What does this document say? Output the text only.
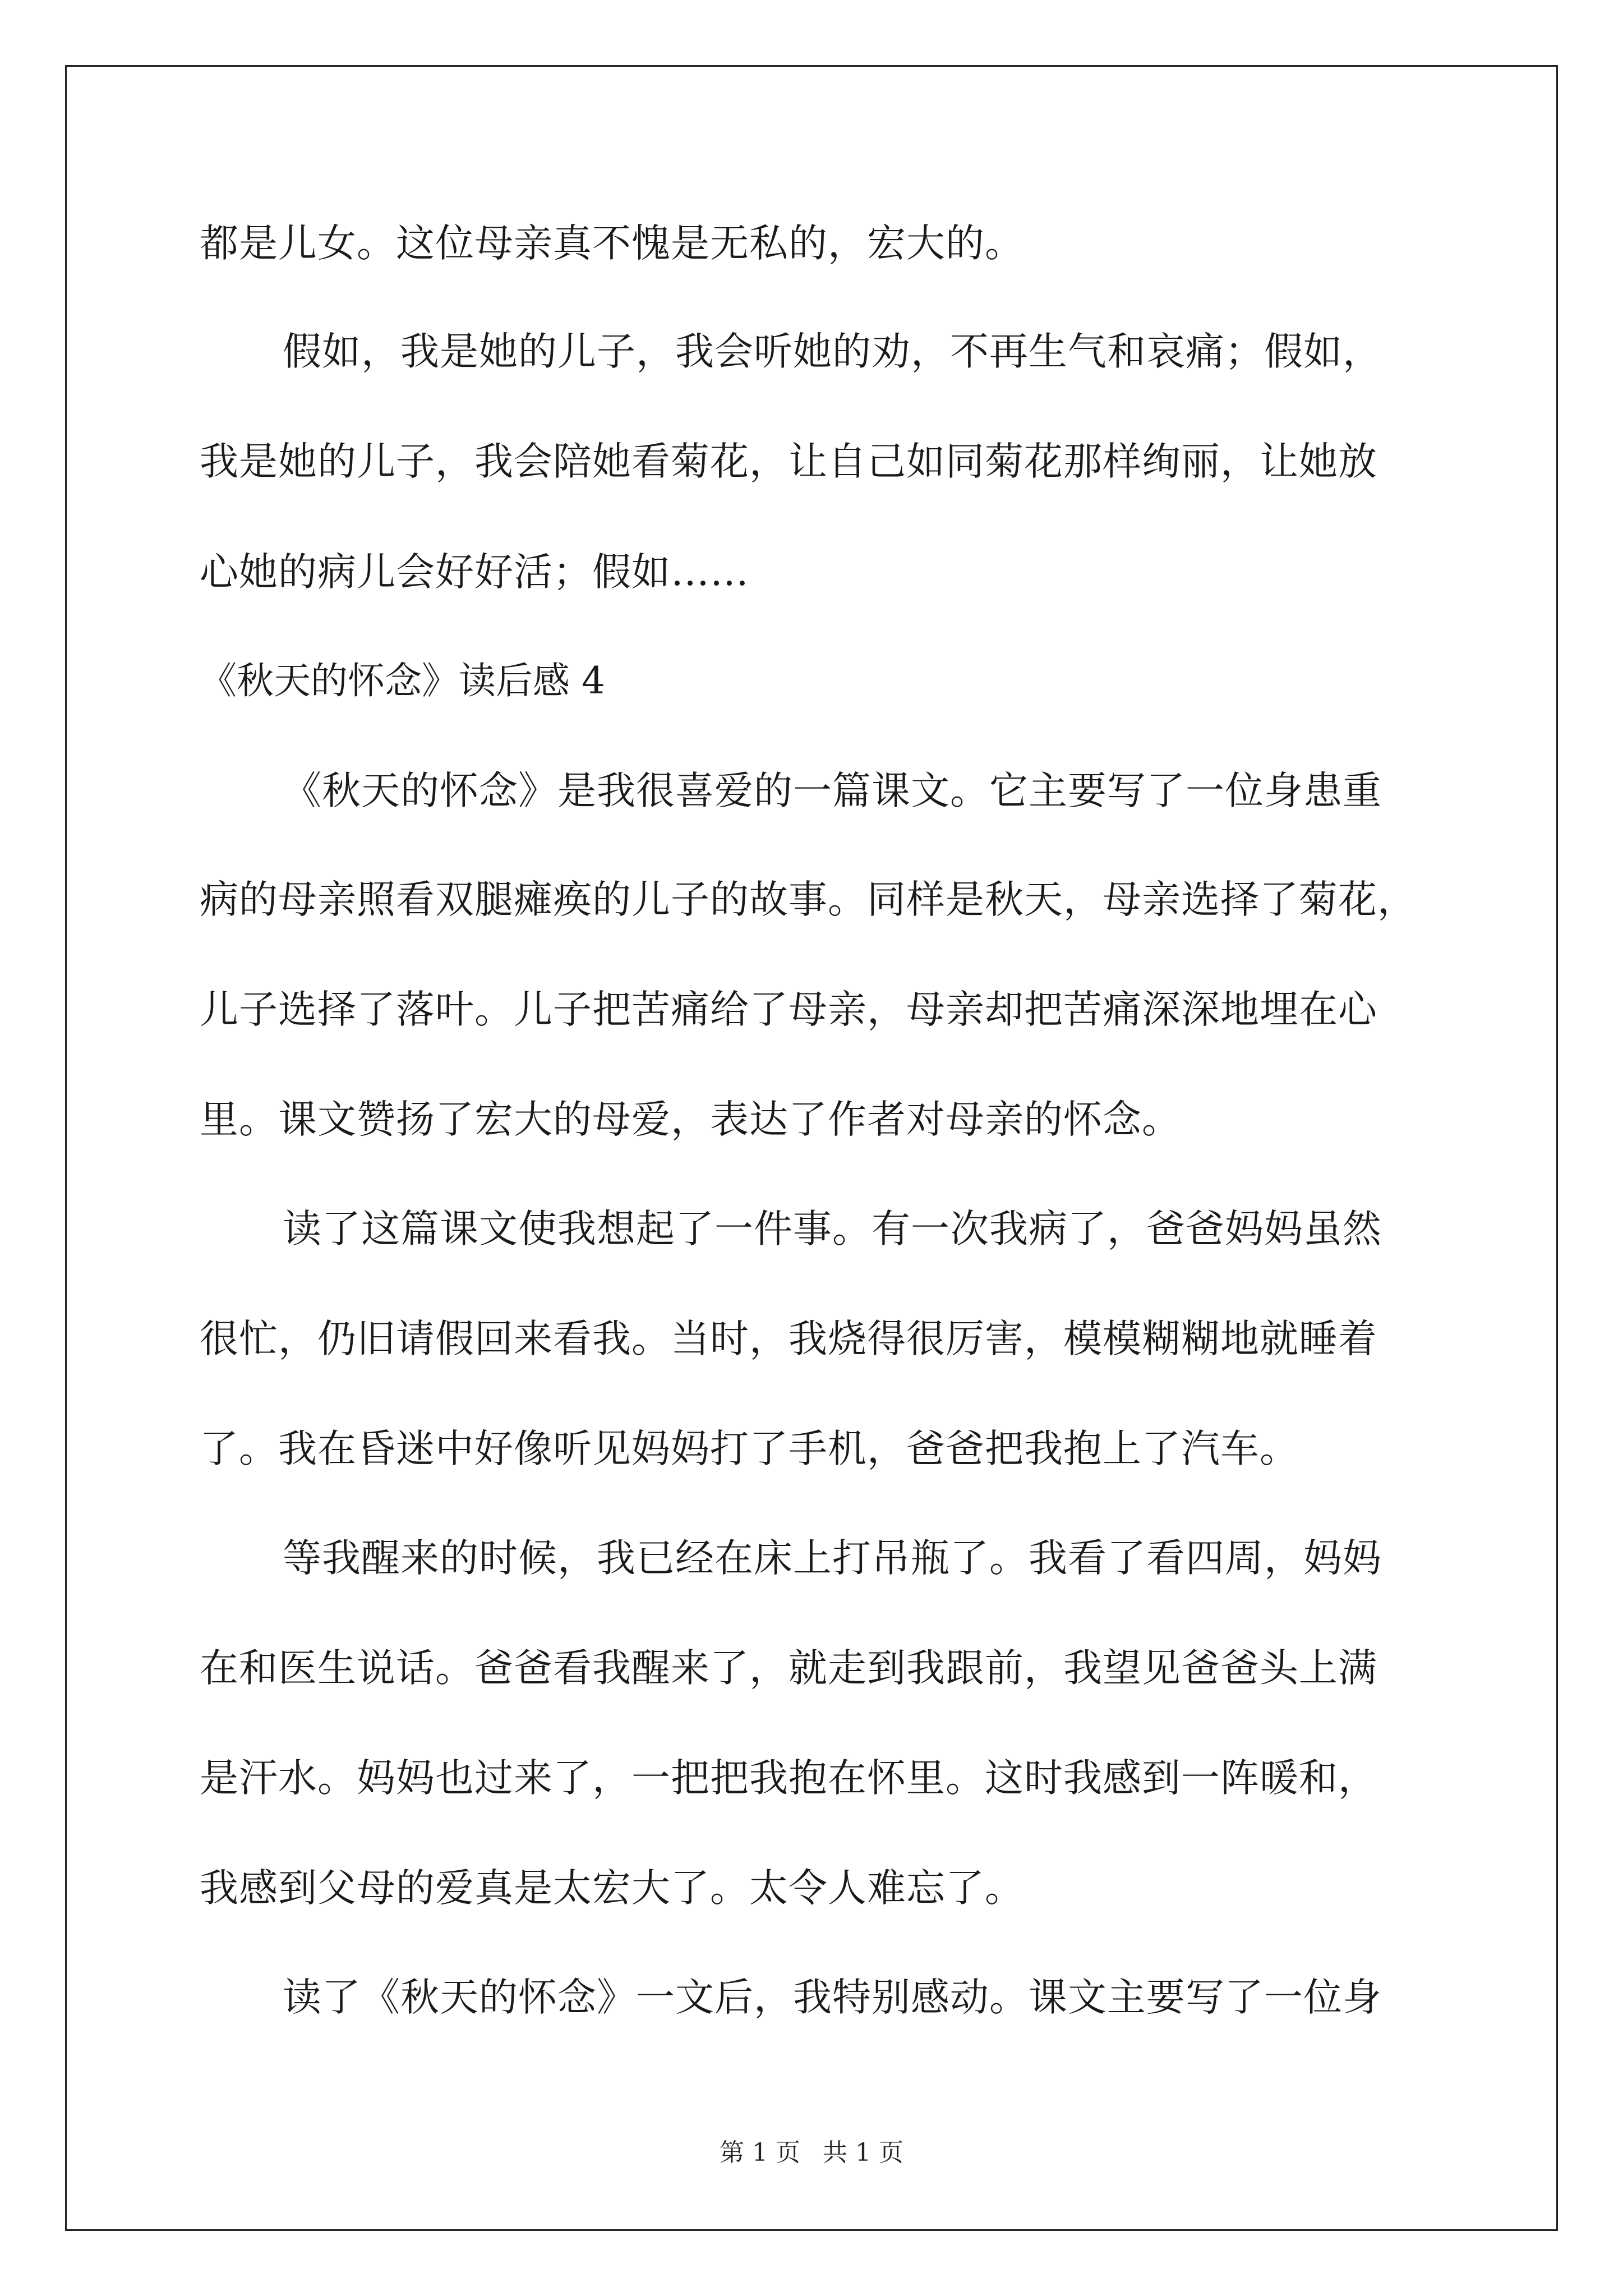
都是儿女。这位母亲真不愧是无私的，宏大的。
假如，我是她的儿子，我会听她的劝，不再生气和哀痛；假如，
我是她的儿子，我会陪她看菊花，让自己如同菊花那样绚丽，让她放
心她的病儿会好好活；假如……
《秋天的怀念》读后感 4
《秋天的怀念》是我很喜爱的一篇课文。它主要写了一位身患重
病的母亲照看双腿瘫痪的儿子的故事。同样是秋天，母亲选择了菊花，
儿子选择了落叶。儿子把苦痛给了母亲，母亲却把苦痛深深地埋在心
里。课文赞扬了宏大的母爱，表达了作者对母亲的怀念。
读了这篇课文使我想起了一件事。有一次我病了，爸爸妈妈虽然
很忙，仍旧请假回来看我。当时，我烧得很厉害，模模糊糊地就睡着
了。我在昏迷中好像听见妈妈打了手机，爸爸把我抱上了汽车。
等我醒来的时候，我已经在床上打吊瓶了。我看了看四周，妈妈
在和医生说话。爸爸看我醒来了，就走到我跟前，我望见爸爸头上满
是汗水。妈妈也过来了，一把把我抱在怀里。这时我感到一阵暖和，
我感到父母的爱真是太宏大了。太令人难忘了。
读了《秋天的怀念》一文后，我特别感动。课文主要写了一位身
第 1 页 共 1 页
